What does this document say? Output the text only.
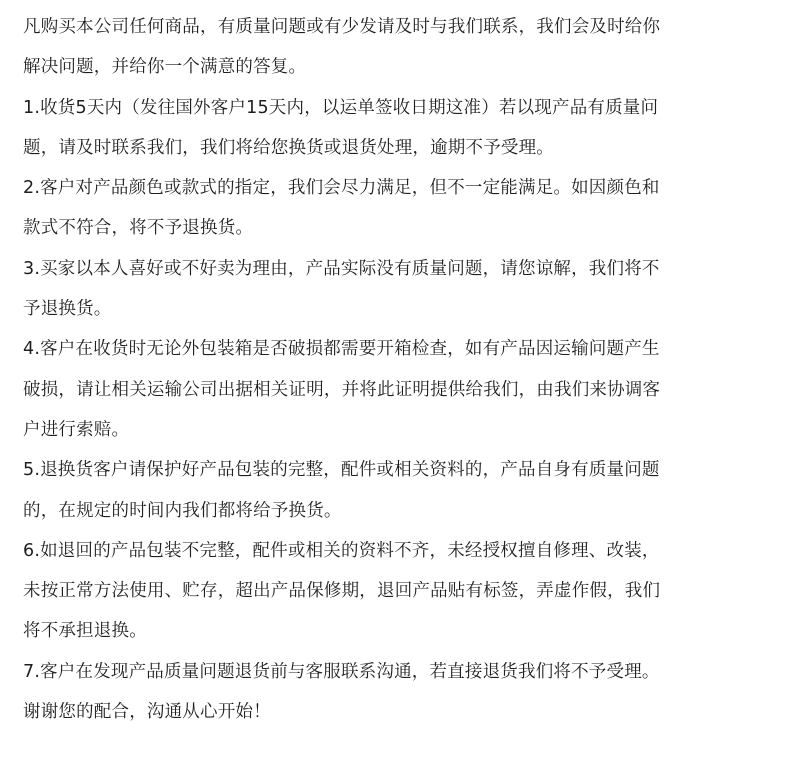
凡购买本公司任何商品，有质量问题或有少发请及时与我们联系，我们会及时给你
解决问题，并给你一个满意的答复。
1.收货5天内（发往国外客户15天内，以运单签收日期这准）若以现产品有质量问
题，请及时联系我们，我们将给您换货或退货处理，逾期不予受理。
2.客户对产品颜色或款式的指定，我们会尽力满足，但不一定能满足。如因颜色和
款式不符合，将不予退换货。
3.买家以本人喜好或不好卖为理由，产品实际没有质量问题，请您谅解，我们将不
予退换货。
4.客户在收货时无论外包装箱是否破损都需要开箱检查，如有产品因运输问题产生
破损，请让相关运输公司出据相关证明，并将此证明提供给我们，由我们来协调客
户进行索赔。
5.退换货客户请保护好产品包装的完整，配件或相关资料的，产品自身有质量问题
的，在规定的时间内我们都将给予换货。
6.如退回的产品包装不完整，配件或相关的资料不齐，未经授权擅自修理、改装，
未按正常方法使用、贮存，超出产品保修期，退回产品贴有标签，弄虚作假，我们
将不承担退换。
7.客户在发现产品质量问题退货前与客服联系沟通，若直接退货我们将不予受理。
谢谢您的配合，沟通从心开始！
